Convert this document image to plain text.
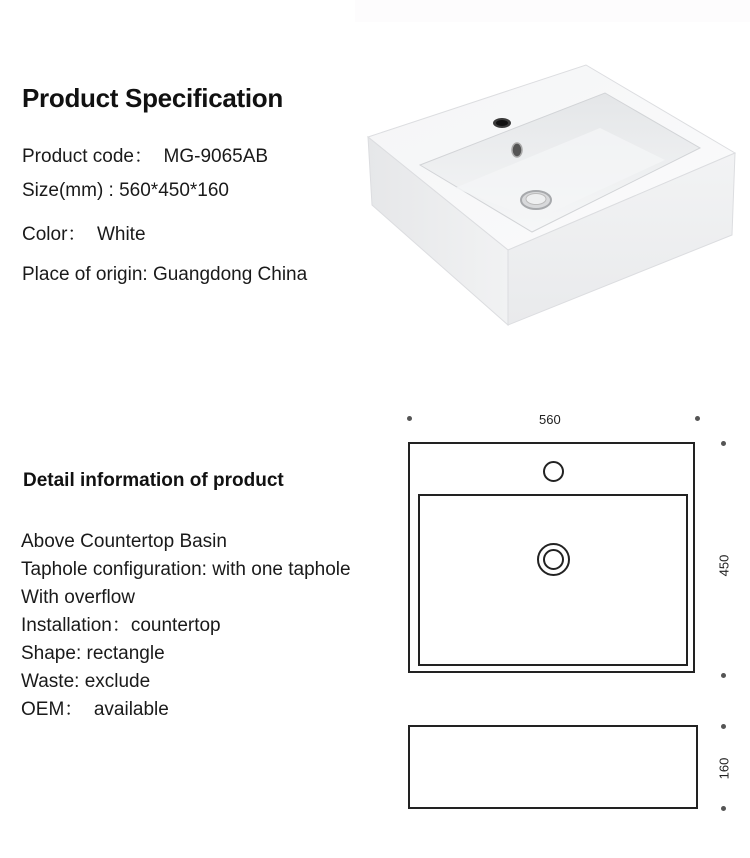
Product Specification
Product code：  MG-9065AB
Size(mm) : 560*450*160
Color：  White
Place of origin: Guangdong China
Detail information of product
Above Countertop Basin
Taphole configuration: with one taphole
With overflow
Installation：countertop
Shape: rectangle
Waste: exclude
OEM：  available
560
450
160
